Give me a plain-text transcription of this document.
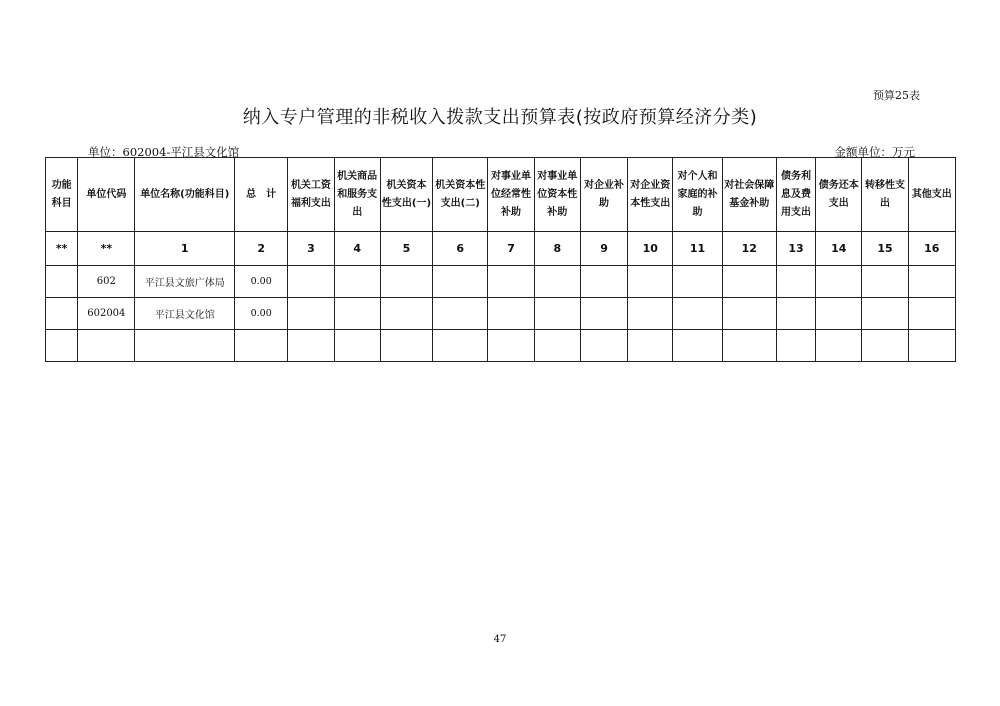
预算25表
纳入专户管理的非税收入拨款支出预算表(按政府预算经济分类)
单位：602004-平江县文化馆	金额单位：万元
功能科目	单位代码	单位名称(功能科目)	总　计	机关工资福利支出	机关商品和服务支出	机关资本性支出(一)	机关资本性支出(二)	对事业单位经常性补助	对事业单位资本性补助	对企业补助	对企业资本性支出	对个人和家庭的补助	对社会保障基金补助	债务利息及费用支出	债务还本支出	转移性支出	其他支出
**	**	1	2	3	4	5	6	7	8	9	10	11	12	13	14	15	16
	602	平江县文旅广体局	0.00														
	602004	平江县文化馆	0.00														

47
